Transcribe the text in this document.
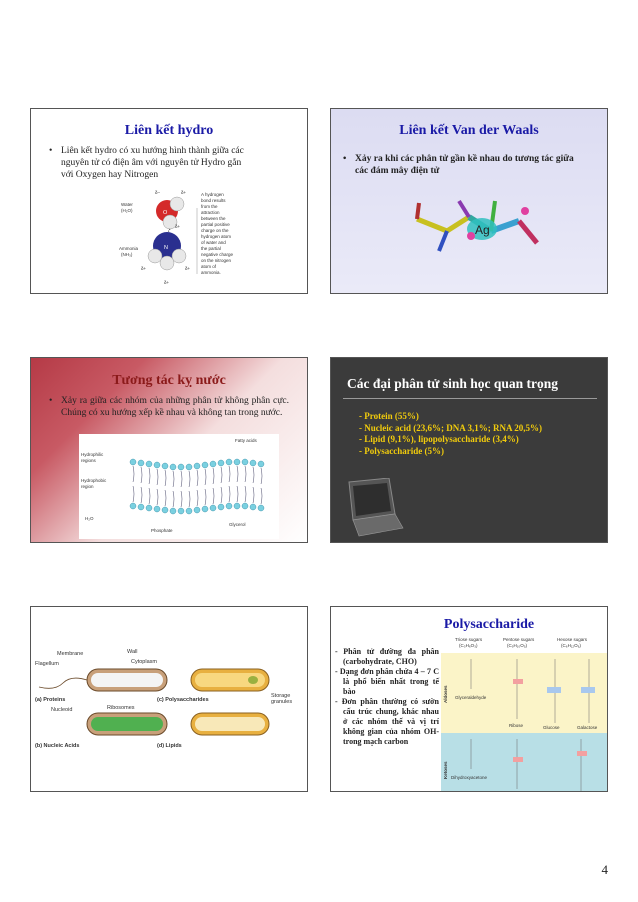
Liên kết hydro
• Liên kết hydro có xu hướng hình thành giữa các nguyên tử có điện âm với nguyên tử Hydro gắn với Oxygen hay Nitrogen
O
N
Water
(H₂O)
Ammonia
(NH₃)
δ−	δ+
δ+
δ+	δ+
δ+
A hydrogen
bond results
from the
attraction
between the
partial positive
charge on the
hydrogen atom
of water and
the partial
negative charge
on the nitrogen
atom of
ammonia.
Liên kết Van der Waals
• Xảy ra khi các phân tử gần kề nhau do tương tác giữa các đám mây điện tử
Ag
Tương tác kỵ nước
• Xảy ra giữa các nhóm của những phân tử không phân cực. Chúng có xu hướng xếp kề nhau và không tan trong nước.
Fatty acids
Hydrophilic
regions
Hydrophobic
region
H₂O
Phosphate
Glycerol
Các đại phân tử sinh học quan trọng
- Protein (55%)
- Nucleic acid (23,6%; DNA 3,1%; RNA 20,5%)
- Lipid (9,1%), lipopolysaccharide (3,4%)
- Polysaccharide (5%)
Membrane	Wall
Flagellum	Cytoplasm
(a) Proteins	(c) Polysaccharides
Storage
granules
Nucleoid	Ribosomes
(b) Nucleic Acids	(d) Lipids
Polysaccharide
- Phân tử đường đa phân (carbohydrate, CHO)
- Dạng đơn phân chứa 4 – 7 C là phổ biến nhất trong tế bào
- Đơn phân thường có sườn cấu trúc chung, khác nhau ở các nhóm thế và vị trí không gian của nhóm OH- trong mạch carbon
Triose sugars
(C₃H₆O₃)
Pentose sugars
(C₅H₁₀O₅)
Hexose sugars
(C₆H₁₂O₆)
Aldoses
Ketoses
Glyceraldehyde
Ribose	Glucose	Galactose
Dihydroxyacetone
Ribulose
Fructose
4
